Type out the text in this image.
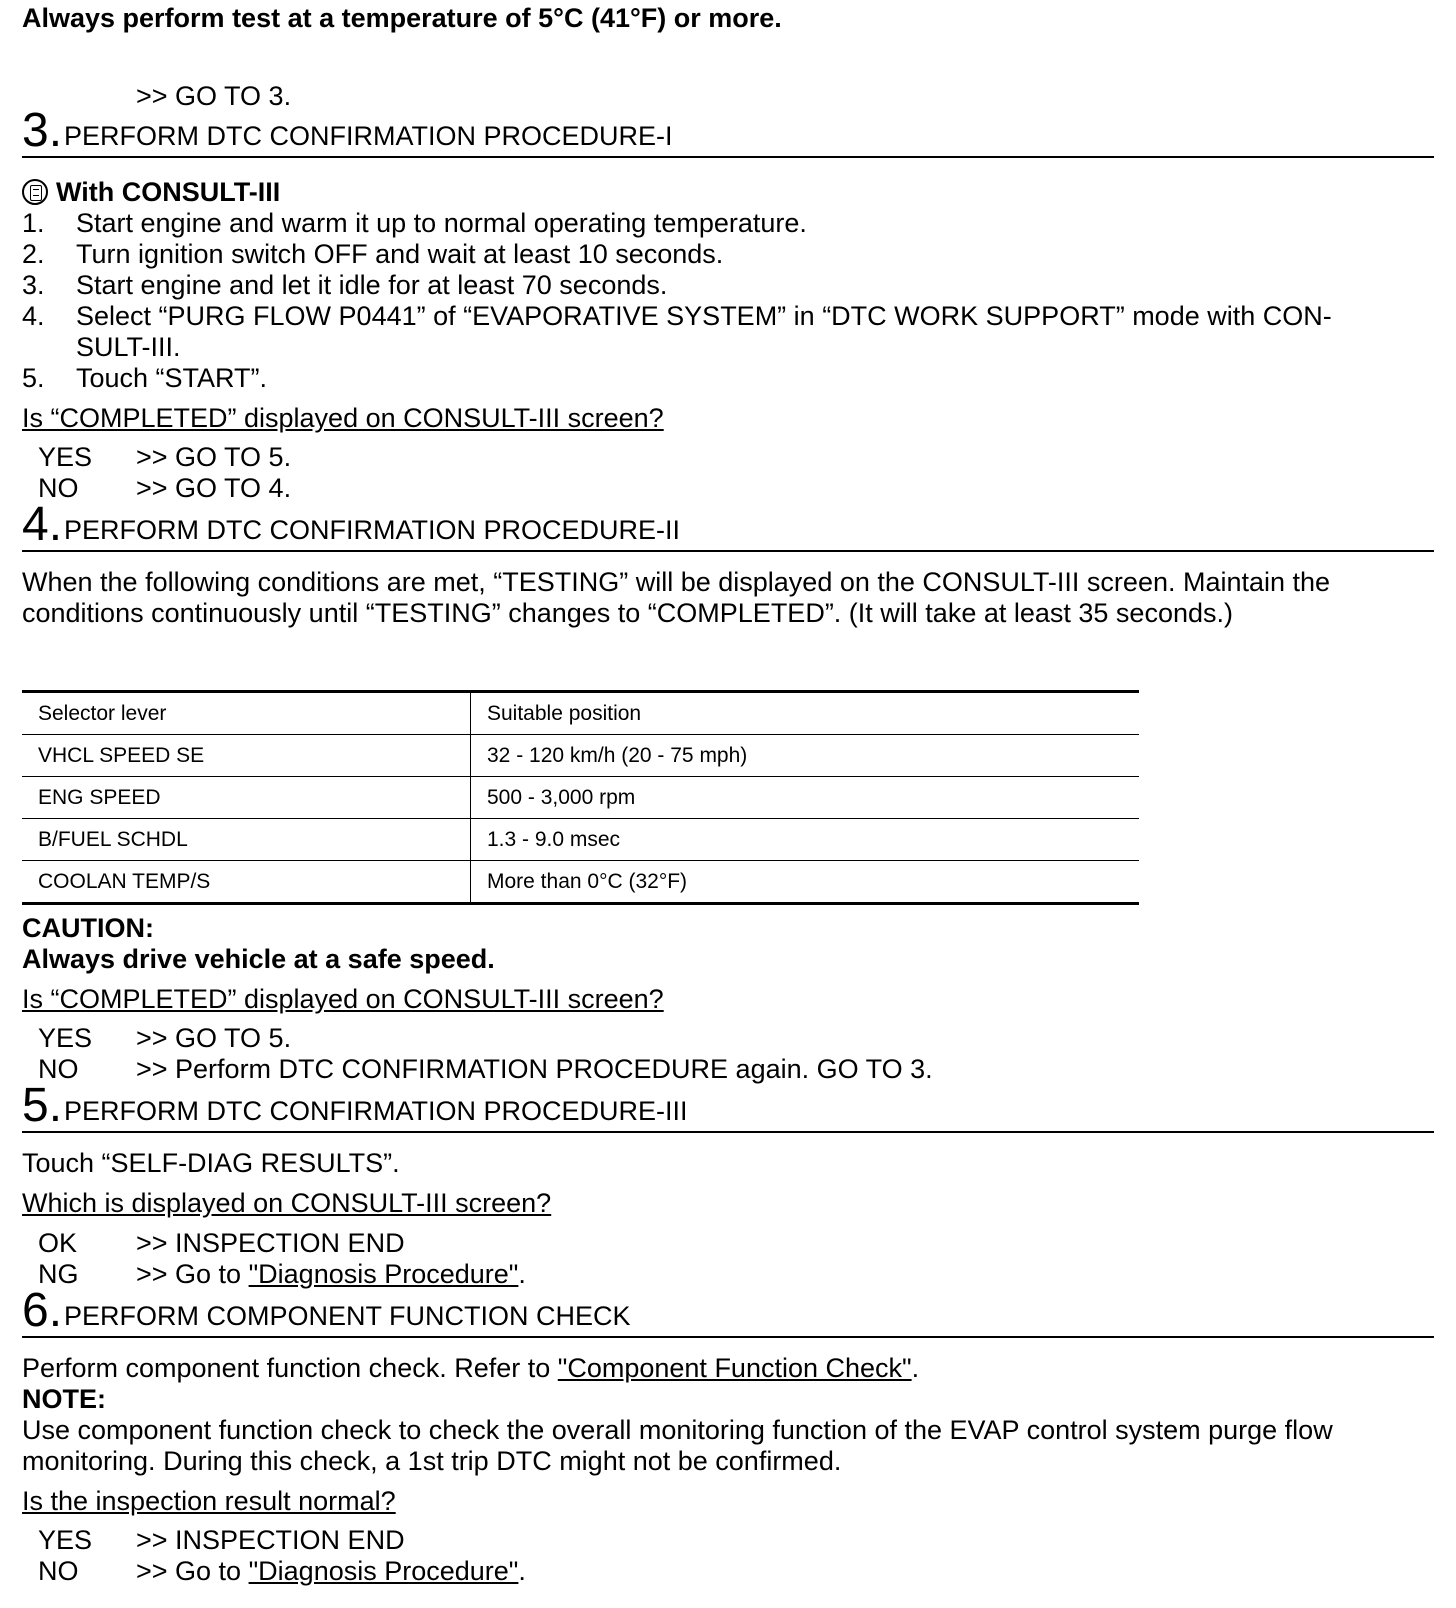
Always perform test at a temperature of 5°C (41°F) or more.
>> GO TO 3.
3. PERFORM DTC CONFIRMATION PROCEDURE-I
With CONSULT-III
1. Start engine and warm it up to normal operating temperature.
2. Turn ignition switch OFF and wait at least 10 seconds.
3. Start engine and let it idle for at least 70 seconds.
4. Select “PURG FLOW P0441” of “EVAPORATIVE SYSTEM” in “DTC WORK SUPPORT” mode with CON-
SULT-III.
5. Touch “START”.
Is “COMPLETED” displayed on CONSULT-III screen?
YES >> GO TO 5.
NO >> GO TO 4.
4. PERFORM DTC CONFIRMATION PROCEDURE-II
When the following conditions are met, “TESTING” will be displayed on the CONSULT-III screen. Maintain the
conditions continuously until “TESTING” changes to “COMPLETED”. (It will take at least 35 seconds.)
Selector lever	Suitable position
VHCL SPEED SE	32 - 120 km/h (20 - 75 mph)
ENG SPEED	500 - 3,000 rpm
B/FUEL SCHDL	1.3 - 9.0 msec
COOLAN TEMP/S	More than 0°C (32°F)
CAUTION:
Always drive vehicle at a safe speed.
Is “COMPLETED” displayed on CONSULT-III screen?
YES >> GO TO 5.
NO >> Perform DTC CONFIRMATION PROCEDURE again. GO TO 3.
5. PERFORM DTC CONFIRMATION PROCEDURE-III
Touch “SELF-DIAG RESULTS”.
Which is displayed on CONSULT-III screen?
OK >> INSPECTION END
NG >> Go to "Diagnosis Procedure".
6. PERFORM COMPONENT FUNCTION CHECK
Perform component function check. Refer to "Component Function Check".
NOTE:
Use component function check to check the overall monitoring function of the EVAP control system purge flow
monitoring. During this check, a 1st trip DTC might not be confirmed.
Is the inspection result normal?
YES >> INSPECTION END
NO >> Go to "Diagnosis Procedure".
